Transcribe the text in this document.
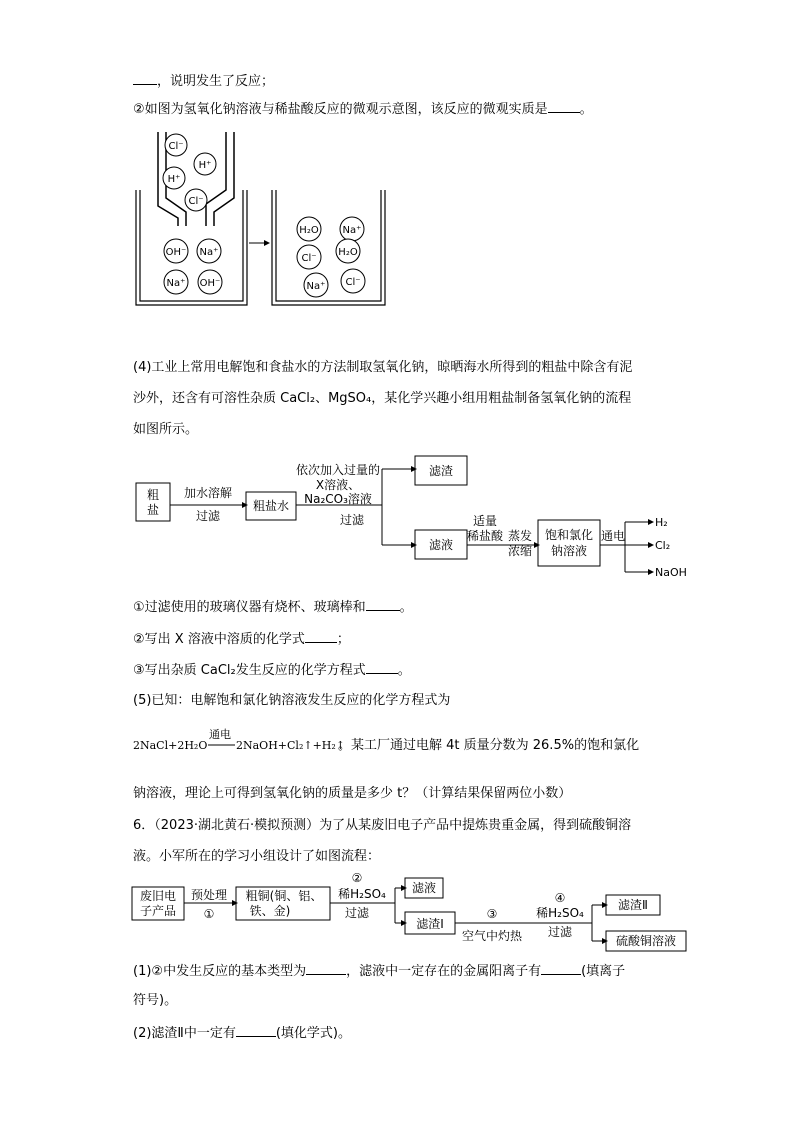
，说明发生了反应；
②如图为氢氧化钠溶液与稀盐酸反应的微观示意图，该反应的微观实质是 。
Cl⁻
H⁺
H⁺
Cl⁻
OH⁻ Na⁺
Na⁺ OH⁻
H₂O Na⁺
Cl⁻
H₂O
Na⁺ Cl⁻
粗盐
加水溶解
过滤
粗盐水
依次加入过量的
X溶液、
Na₂CO₃溶液
过滤
滤渣
滤液
适量
稀盐酸 蒸发
浓缩
饱和氯化
钠溶液
通电
H₂
Cl₂
NaOH
废旧电
子产品
预处理
①
粗铜(铜、铝、
铁、金)
②
稀H₂SO₄
过滤
滤液
滤渣Ⅰ
③
空气中灼热
④
稀H₂SO₄
过滤
滤渣Ⅱ
硫酸铜溶液
(4)工业上常用电解饱和食盐水的方法制取氢氧化钠，晾晒海水所得到的粗盐中除含有泥
沙外，还含有可溶性杂质 CaCl₂、MgSO₄，某化学兴趣小组用粗盐制备氢氧化钠的流程
如图所示。
①过滤使用的玻璃仪器有烧杯、玻璃棒和	。
②写出 X 溶液中溶质的化学式 ；
③写出杂质 CaCl₂发生反应的化学方程式 。
(5)已知：电解饱和氯化钠溶液发生反应的化学方程式为
2NaCl+2H₂O
通电
2NaOH+Cl₂↑+H₂↑
。某工厂通过电解 4t 质量分数为 26.5%的饱和氯化
钠溶液，理论上可得到氢氧化钠的质量是多少 t？（计算结果保留两位小数）
6．（2023·湖北黄石·模拟预测）为了从某废旧电子产品中提炼贵重金属，得到硫酸铜溶
液。小军所在的学习小组设计了如图流程：
(1)②中发生反应的基本类型为	，滤液中一定存在的金属阳离子有	(填离子
符号)。
(2)滤渣Ⅱ中一定有	(填化学式)。
